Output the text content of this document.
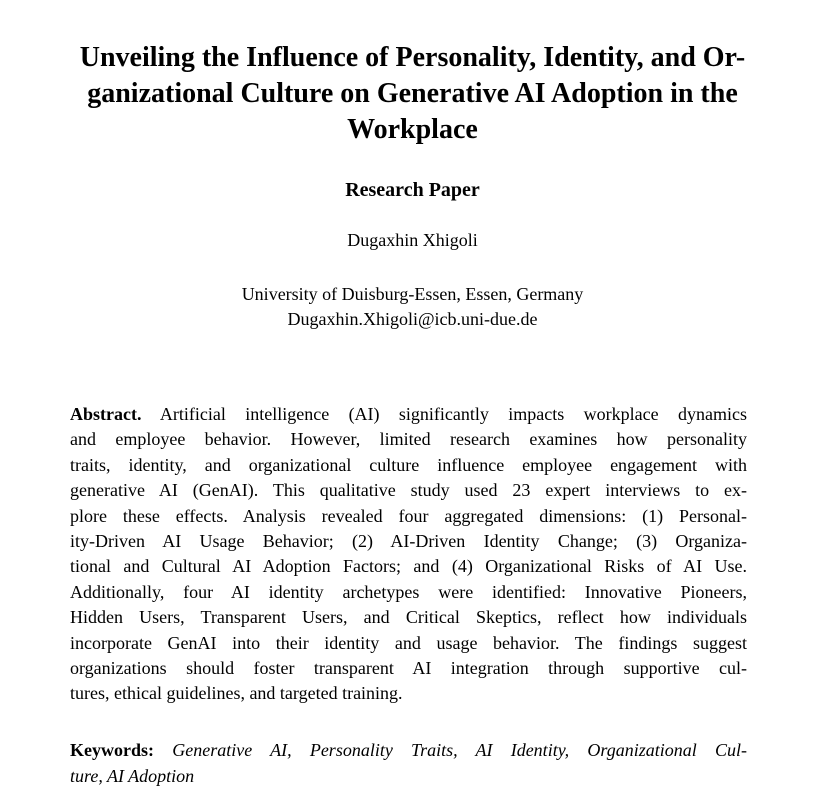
Unveiling the Influence of Personality, Identity, and Or-
ganizational Culture on Generative AI Adoption in the
Workplace
Research Paper
Dugaxhin Xhigoli
University of Duisburg-Essen, Essen, Germany
Dugaxhin.Xhigoli@icb.uni-due.de
Abstract. Artificial intelligence (AI) significantly impacts workplace dynamics
and employee behavior. However, limited research examines how personality
traits, identity, and organizational culture influence employee engagement with
generative AI (GenAI). This qualitative study used 23 expert interviews to ex-
plore these effects. Analysis revealed four aggregated dimensions: (1) Personal-
ity-Driven AI Usage Behavior; (2) AI-Driven Identity Change; (3) Organiza-
tional and Cultural AI Adoption Factors; and (4) Organizational Risks of AI Use.
Additionally, four AI identity archetypes were identified: Innovative Pioneers,
Hidden Users, Transparent Users, and Critical Skeptics, reflect how individuals
incorporate GenAI into their identity and usage behavior. The findings suggest
organizations should foster transparent AI integration through supportive cul-
tures, ethical guidelines, and targeted training.
Keywords: Generative AI, Personality Traits, AI Identity, Organizational Cul-
ture, AI Adoption
